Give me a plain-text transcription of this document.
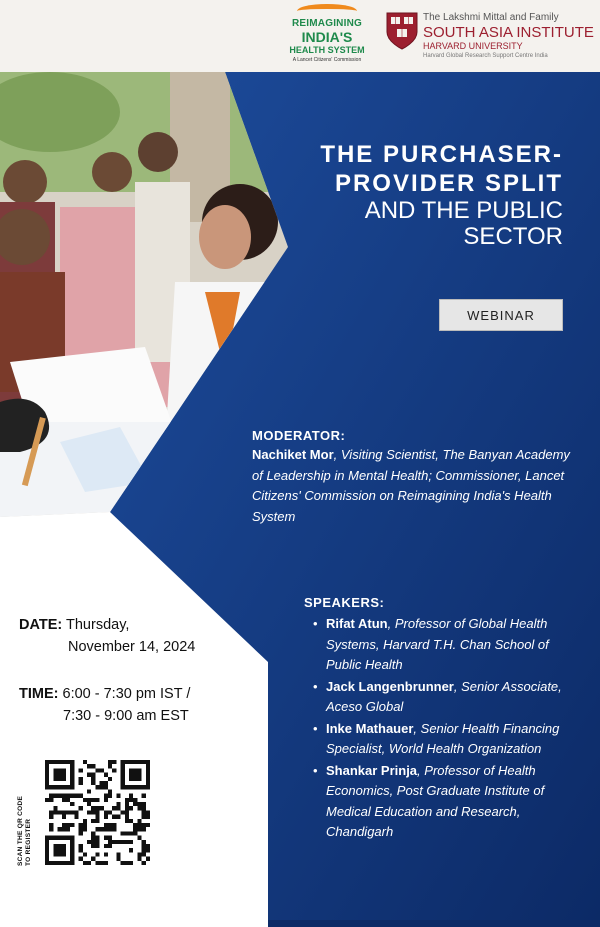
REIMAGINING
INDIA'S
HEALTH SYSTEM
A Lancet Citizens' Commission
The Lakshmi Mittal and Family
SOUTH ASIA INSTITUTE
HARVARD UNIVERSITY
Harvard Global Research Support Centre India
THE PURCHASER-
PROVIDER SPLIT
AND THE PUBLIC
SECTOR
WEBINAR
MODERATOR:
Nachiket Mor, Visiting Scientist, The Banyan Academy of Leadership in Mental Health; Commissioner, Lancet Citizens' Commission on Reimagining India's Health System
SPEAKERS:
• Rifat Atun, Professor of Global Health Systems, Harvard T.H. Chan School of Public Health
• Jack Langenbrunner, Senior Associate, Aceso Global
• Inke Mathauer, Senior Health Financing Specialist, World Health Organization
• Shankar Prinja, Professor of Health Economics, Post Graduate Institute of Medical Education and Research, Chandigarh
DATE: Thursday,
November 14, 2024
TIME: 6:00 - 7:30 pm IST /
7:30 - 9:00 am EST
SCAN THE QR CODE TO REGISTER
